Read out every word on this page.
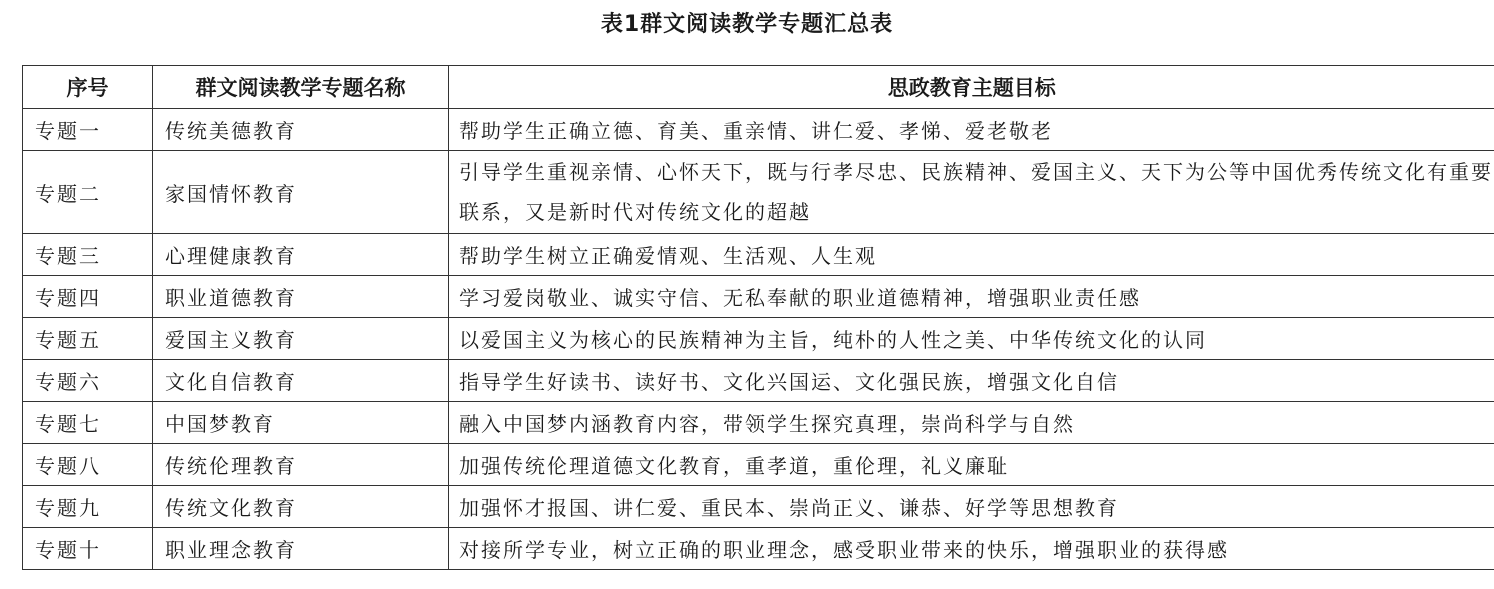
表1群文阅读教学专题汇总表
序号	群文阅读教学专题名称	思政教育主题目标
专题一	传统美德教育	帮助学生正确立德、育美、重亲情、讲仁爱、孝悌、爱老敬老
专题二	家国情怀教育	引导学生重视亲情、心怀天下，既与行孝尽忠、民族精神、爱国主义、天下为公等中国优秀传统文化有重要联系，又是新时代对传统文化的超越
专题三	心理健康教育	帮助学生树立正确爱情观、生活观、人生观
专题四	职业道德教育	学习爱岗敬业、诚实守信、无私奉献的职业道德精神，增强职业责任感
专题五	爱国主义教育	以爱国主义为核心的民族精神为主旨，纯朴的人性之美、中华传统文化的认同
专题六	文化自信教育	指导学生好读书、读好书、文化兴国运、文化强民族，增强文化自信
专题七	中国梦教育	融入中国梦内涵教育内容，带领学生探究真理，崇尚科学与自然
专题八	传统伦理教育	加强传统伦理道德文化教育，重孝道，重伦理，礼义廉耻
专题九	传统文化教育	加强怀才报国、讲仁爱、重民本、崇尚正义、谦恭、好学等思想教育
专题十	职业理念教育	对接所学专业，树立正确的职业理念，感受职业带来的快乐，增强职业的获得感
